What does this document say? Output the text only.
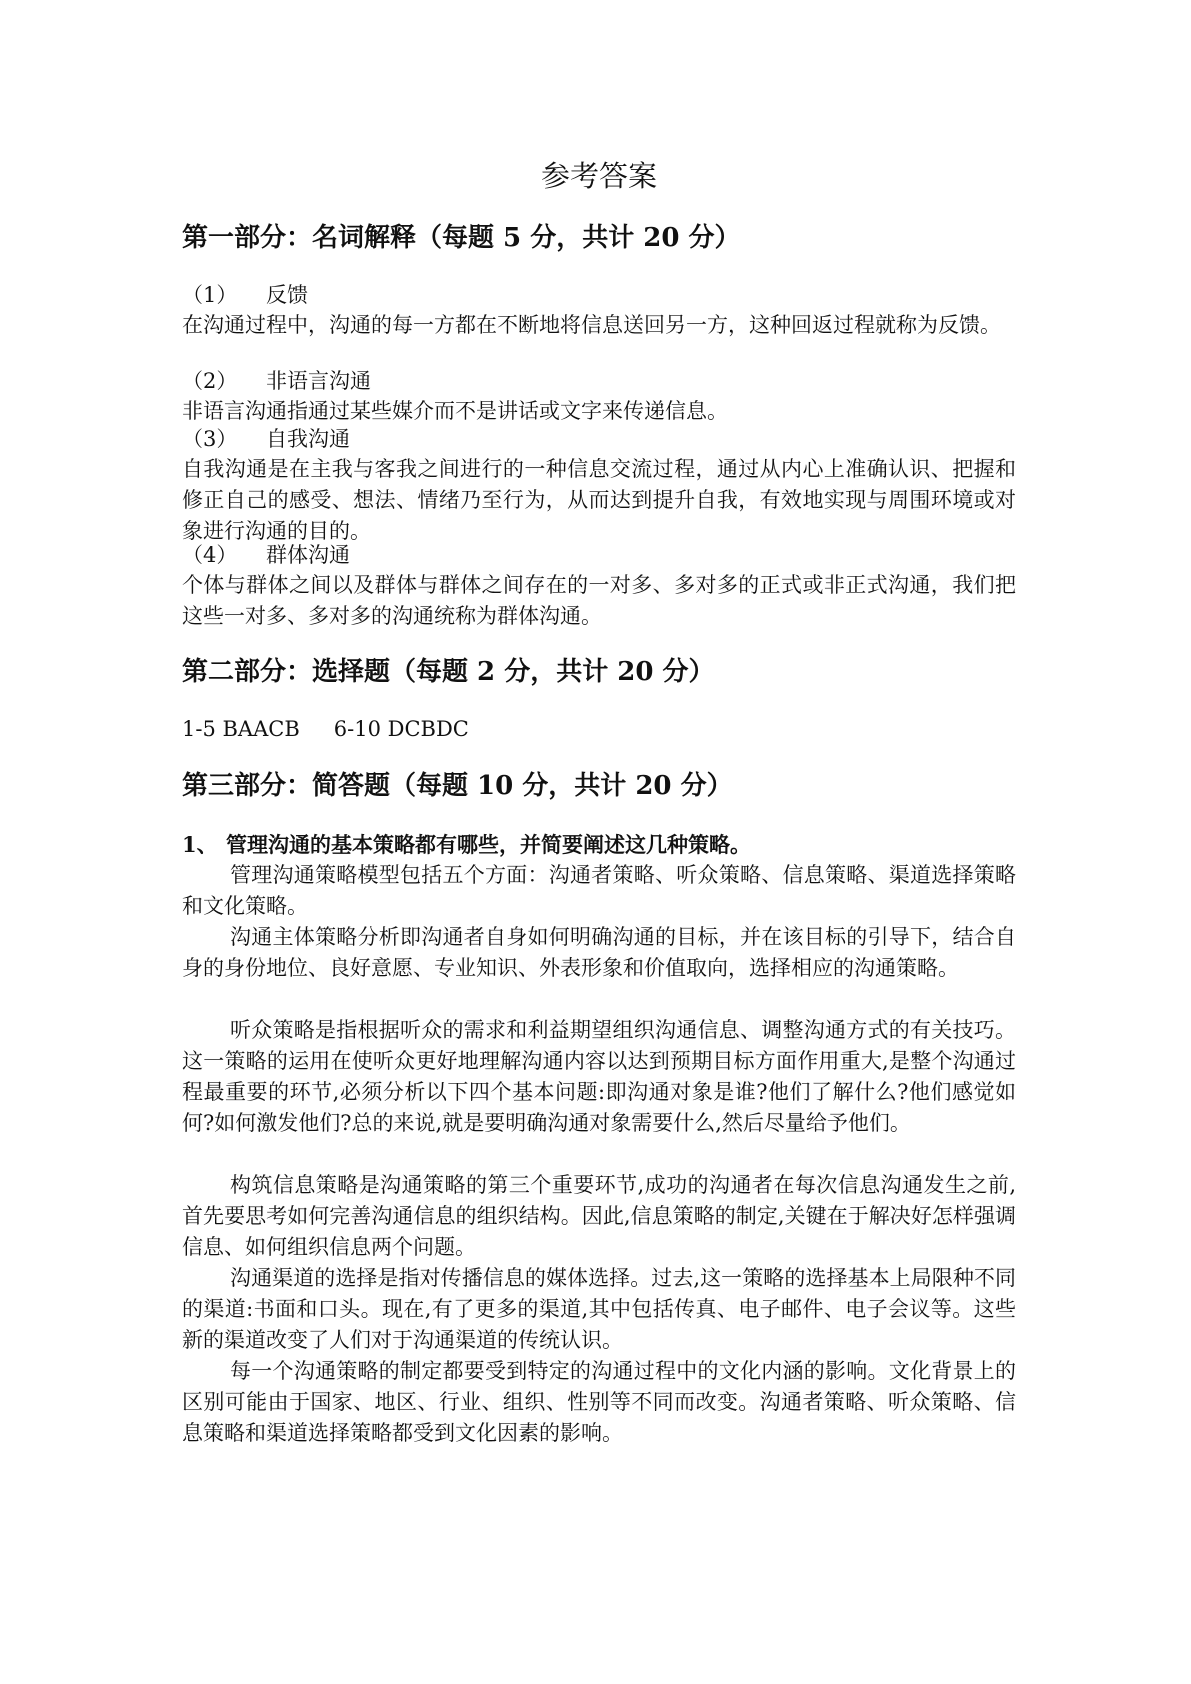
参考答案
第一部分：名词解释（每题 5 分，共计 20 分）
（1） 反馈

在沟通过程中，沟通的每一方都在不断地将信息送回另一方，这种回返过程就称为反馈。

（2） 非语言沟通

非语言沟通指通过某些媒介而不是讲话或文字来传递信息。

（3） 自我沟通

自我沟通是在主我与客我之间进行的一种信息交流过程，通过从内心上准确认识、把握和修正自己的感受、想法、情绪乃至行为，从而达到提升自我，有效地实现与周围环境或对象进行沟通的目的。

（4） 群体沟通

个体与群体之间以及群体与群体之间存在的一对多、多对多的正式或非正式沟通，我们把这些一对多、多对多的沟通统称为群体沟通。

第二部分：选择题（每题 2 分，共计 20 分）
1-5 BAACB 6-10 DCBDC
第三部分：简答题（每题 10 分，共计 20 分）
1、 管理沟通的基本策略都有哪些，并简要阐述这几种策略。

管理沟通策略模型包括五个方面：沟通者策略、听众策略、信息策略、渠道选择策略和文化策略。

沟通主体策略分析即沟通者自身如何明确沟通的目标，并在该目标的引导下，结合自身的身份地位、良好意愿、专业知识、外表形象和价值取向，选择相应的沟通策略。

听众策略是指根据听众的需求和利益期望组织沟通信息、调整沟通方式的有关技巧。这一策略的运用在使听众更好地理解沟通内容以达到预期目标方面作用重大,是整个沟通过程最重要的环节,必须分析以下四个基本问题:即沟通对象是谁?他们了解什么?他们感觉如何?如何激发他们?总的来说,就是要明确沟通对象需要什么,然后尽量给予他们。

构筑信息策略是沟通策略的第三个重要环节,成功的沟通者在每次信息沟通发生之前,首先要思考如何完善沟通信息的组织结构。因此,信息策略的制定,关键在于解决好怎样强调信息、如何组织信息两个问题。

沟通渠道的选择是指对传播信息的媒体选择。过去,这一策略的选择基本上局限种不同的渠道:书面和口头。现在,有了更多的渠道,其中包括传真、电子邮件、电子会议等。这些新的渠道改变了人们对于沟通渠道的传统认识。

每一个沟通策略的制定都要受到特定的沟通过程中的文化内涵的影响。文化背景上的区别可能由于国家、地区、行业、组织、性别等不同而改变。沟通者策略、听众策略、信息策略和渠道选择策略都受到文化因素的影响。
